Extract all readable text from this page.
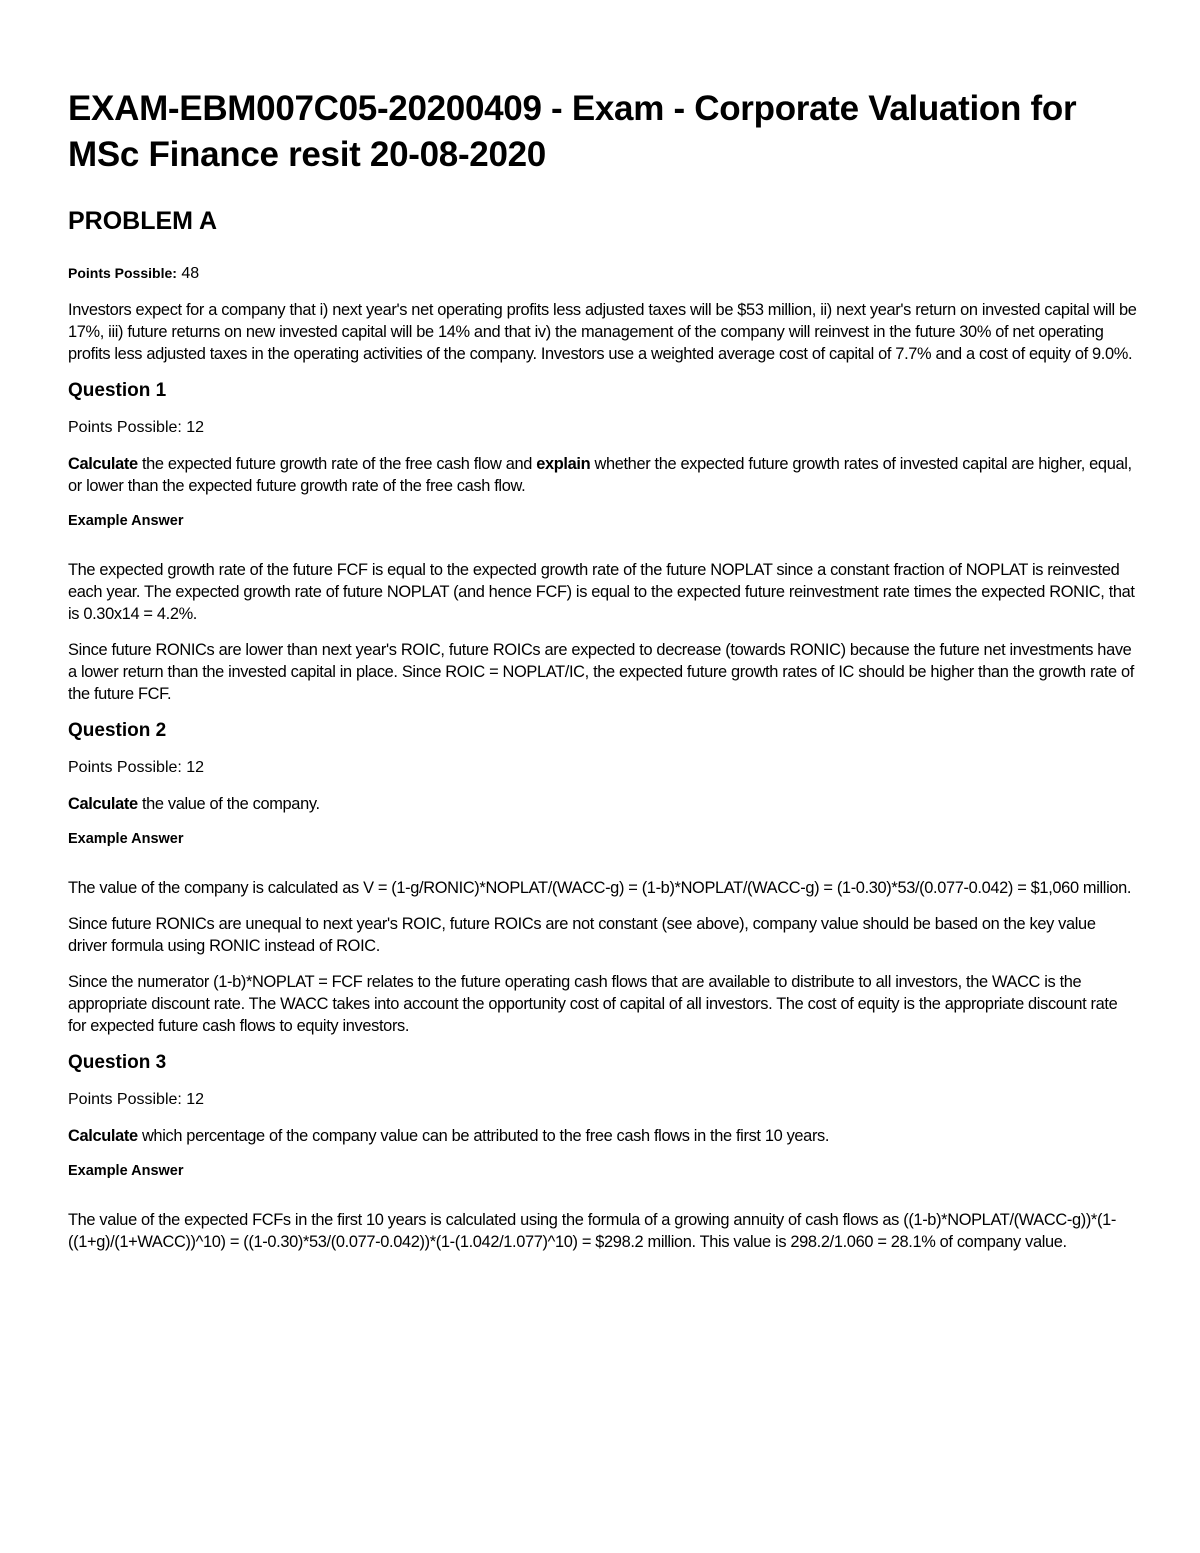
EXAM-EBM007C05-20200409 - Exam - Corporate Valuation for MSc Finance resit 20-08-2020
PROBLEM A
Points Possible: 48

Investors expect for a company that i) next year's net operating profits less adjusted taxes will be $53 million, ii) next year's return on invested capital will be 17%, iii) future returns on new invested capital will be 14% and that iv) the management of the company will reinvest in the future 30% of net operating profits less adjusted taxes in the operating activities of the company. Investors use a weighted average cost of capital of 7.7% and a cost of equity of 9.0%.

Question 1
Points Possible: 12

Calculate the expected future growth rate of the free cash flow and explain whether the expected future growth rates of invested capital are higher, equal, or lower than the expected future growth rate of the free cash flow.

Example Answer

The expected growth rate of the future FCF is equal to the expected growth rate of the future NOPLAT since a constant fraction of NOPLAT is reinvested each year. The expected growth rate of future NOPLAT (and hence FCF) is equal to the expected future reinvestment rate times the expected RONIC, that is 0.30x14 = 4.2%.

Since future RONICs are lower than next year's ROIC, future ROICs are expected to decrease (towards RONIC) because the future net investments have a lower return than the invested capital in place. Since ROIC = NOPLAT/IC, the expected future growth rates of IC should be higher than the growth rate of the future FCF.

Question 2
Points Possible: 12

Calculate the value of the company.

Example Answer

The value of the company is calculated as V = (1-g/RONIC)*NOPLAT/(WACC-g) = (1-b)*NOPLAT/(WACC-g) = (1-0.30)*53/(0.077-0.042) = $1,060 million.

Since future RONICs are unequal to next year's ROIC, future ROICs are not constant (see above), company value should be based on the key value driver formula using RONIC instead of ROIC.

Since the numerator (1-b)*NOPLAT = FCF relates to the future operating cash flows that are available to distribute to all investors, the WACC is the appropriate discount rate. The WACC takes into account the opportunity cost of capital of all investors. The cost of equity is the appropriate discount rate for expected future cash flows to equity investors.

Question 3
Points Possible: 12

Calculate which percentage of the company value can be attributed to the free cash flows in the first 10 years.

Example Answer

The value of the expected FCFs in the first 10 years is calculated using the formula of a growing annuity of cash flows as ((1-b)*NOPLAT/(WACC-g))*(1-((1+g)/(1+WACC))^10) = ((1-0.30)*53/(0.077-0.042))*(1-(1.042/1.077)^10) = $298.2 million. This value is 298.2/1.060 = 28.1% of company value.
